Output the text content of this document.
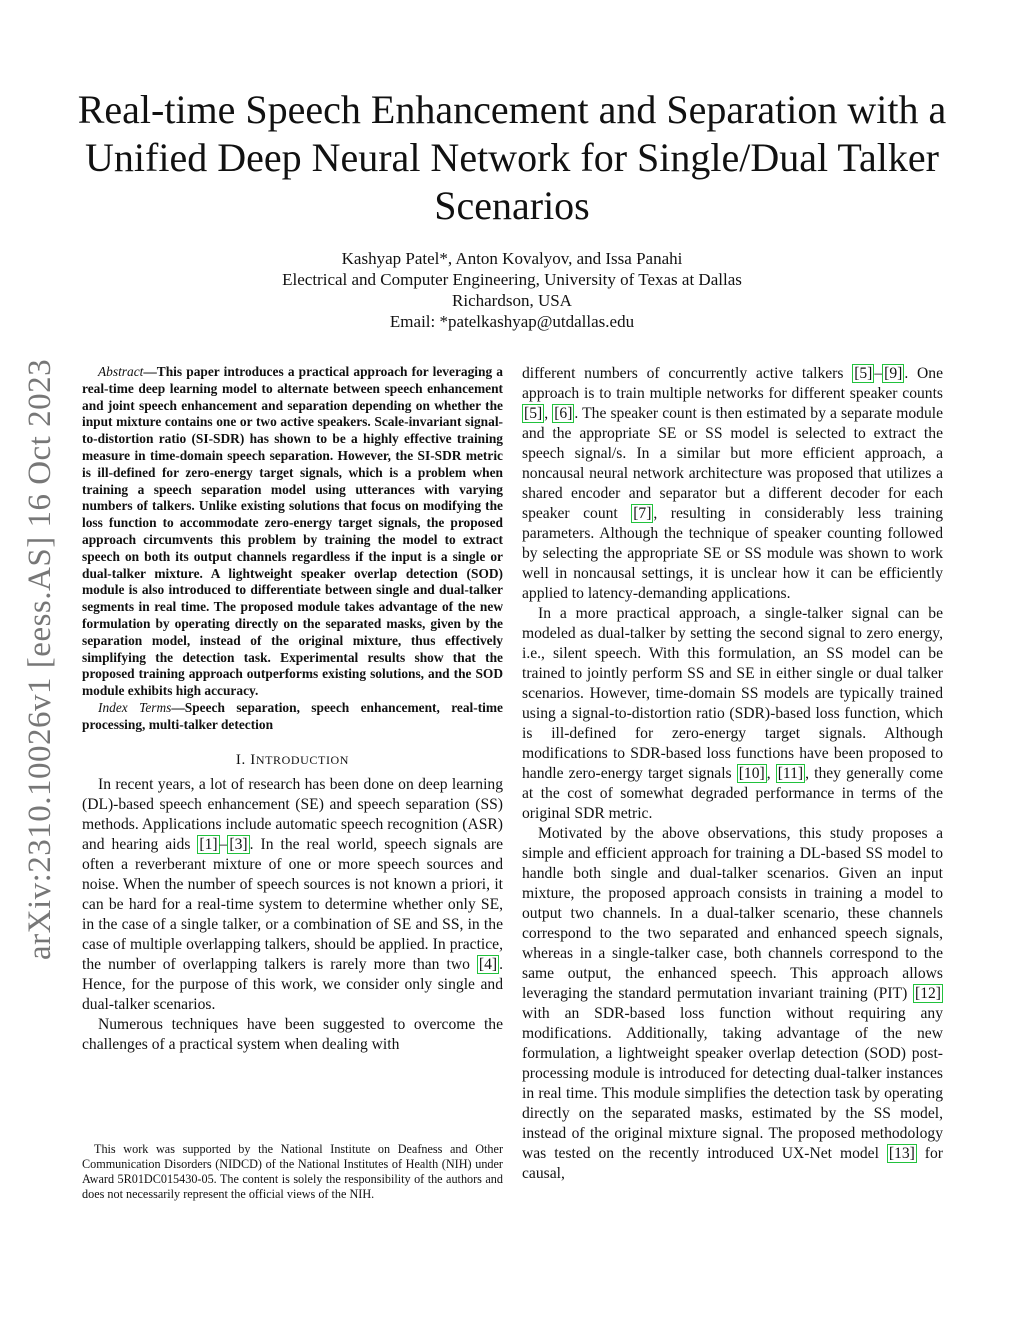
Real-time Speech Enhancement and Separation with a Unified Deep Neural Network for Single/Dual Talker Scenarios
Kashyap Patel*, Anton Kovalyov, and Issa Panahi
Electrical and Computer Engineering, University of Texas at Dallas
Richardson, USA
Email: *patelkashyap@utdallas.edu
arXiv:2310.10026v1 [eess.AS] 16 Oct 2023	Abstract—This paper introduces a practical approach for leveraging a real-time deep learning model to alternate between speech enhancement and joint speech enhancement and separation depending on whether the input mixture contains one or two active speakers. Scale-invariant signal-to-distortion ratio (SI-SDR) has shown to be a highly effective training measure in time-domain speech separation. However, the SI-SDR metric is ill-defined for zero-energy target signals, which is a problem when training a speech separation model using utterances with varying numbers of talkers. Unlike existing solutions that focus on modifying the loss function to accommodate zero-energy target signals, the proposed approach circumvents this problem by training the model to extract speech on both its output channels regardless if the input is a single or dual-talker mixture. A lightweight speaker overlap detection (SOD) module is also introduced to differentiate between single and dual-talker segments in real time. The proposed module takes advantage of the new formulation by operating directly on the separated masks, given by the separation model, instead of the original mixture, thus effectively simplifying the detection task. Experimental results show that the proposed training approach outperforms existing solutions, and the SOD module exhibits high accuracy.

Index Terms—Speech separation, speech enhancement, real-time processing, multi-talker detection

I. INTRODUCTION

In recent years, a lot of research has been done on deep learning (DL)-based speech enhancement (SE) and speech separation (SS) methods. Applications include automatic speech recognition (ASR) and hearing aids [1] – [3] . In the real world, speech signals are often a reverberant mixture of one or more speech sources and noise. When the number of speech sources is not known a priori, it can be hard for a real-time system to determine whether only SE, in the case of a single talker, or a combination of SE and SS, in the case of multiple overlapping talkers, should be applied. In practice, the number of overlapping talkers is rarely more than two [4] . Hence, for the purpose of this work, we consider only single and dual-talker scenarios.

Numerous techniques have been suggested to overcome the challenges of a practical system when dealing with

This work was supported by the National Institute on Deafness and Other Communication Disorders (NIDCD) of the National Institutes of Health (NIH) under Award 5R01DC015430-05. The content is solely the responsibility of the authors and does not necessarily represent the official views of the NIH.

different numbers of concurrently active talkers [5] – [9] . One approach is to train multiple networks for different speaker counts [5] , [6] . The speaker count is then estimated by a separate module and the appropriate SE or SS model is selected to extract the speech signal/s. In a similar but more efficient approach, a noncausal neural network architecture was proposed that utilizes a shared encoder and separator but a different decoder for each speaker count [7] , resulting in considerably less training parameters. Although the technique of speaker counting followed by selecting the appropriate SE or SS module was shown to work well in noncausal settings, it is unclear how it can be efficiently applied to latency-demanding applications.

In a more practical approach, a single-talker signal can be modeled as dual-talker by setting the second signal to zero energy, i.e., silent speech. With this formulation, an SS model can be trained to jointly perform SS and SE in either single or dual talker scenarios. However, time-domain SS models are typically trained using a signal-to-distortion ratio (SDR)-based loss function, which is ill-defined for zero-energy target signals. Although modifications to SDR-based loss functions have been proposed to handle zero-energy target signals [10] , [11] , they generally come at the cost of somewhat degraded performance in terms of the original SDR metric.

Motivated by the above observations, this study proposes a simple and efficient approach for training a DL-based SS model to handle both single and dual-talker scenarios. Given an input mixture, the proposed approach consists in training a model to output two channels. In a dual-talker scenario, these channels correspond to the two separated and enhanced speech signals, whereas in a single-talker case, both channels correspond to the same output, the enhanced speech. This approach allows leveraging the standard permutation invariant training (PIT) [12] with an SDR-based loss function without requiring any modifications. Additionally, taking advantage of the new formulation, a lightweight speaker overlap detection (SOD) post-processing module is introduced for detecting dual-talker instances in real time. This module simplifies the detection task by operating directly on the separated masks, estimated by the SS model, instead of the original mixture signal. The proposed methodology was tested on the recently introduced UX-Net model [13] for causal,
